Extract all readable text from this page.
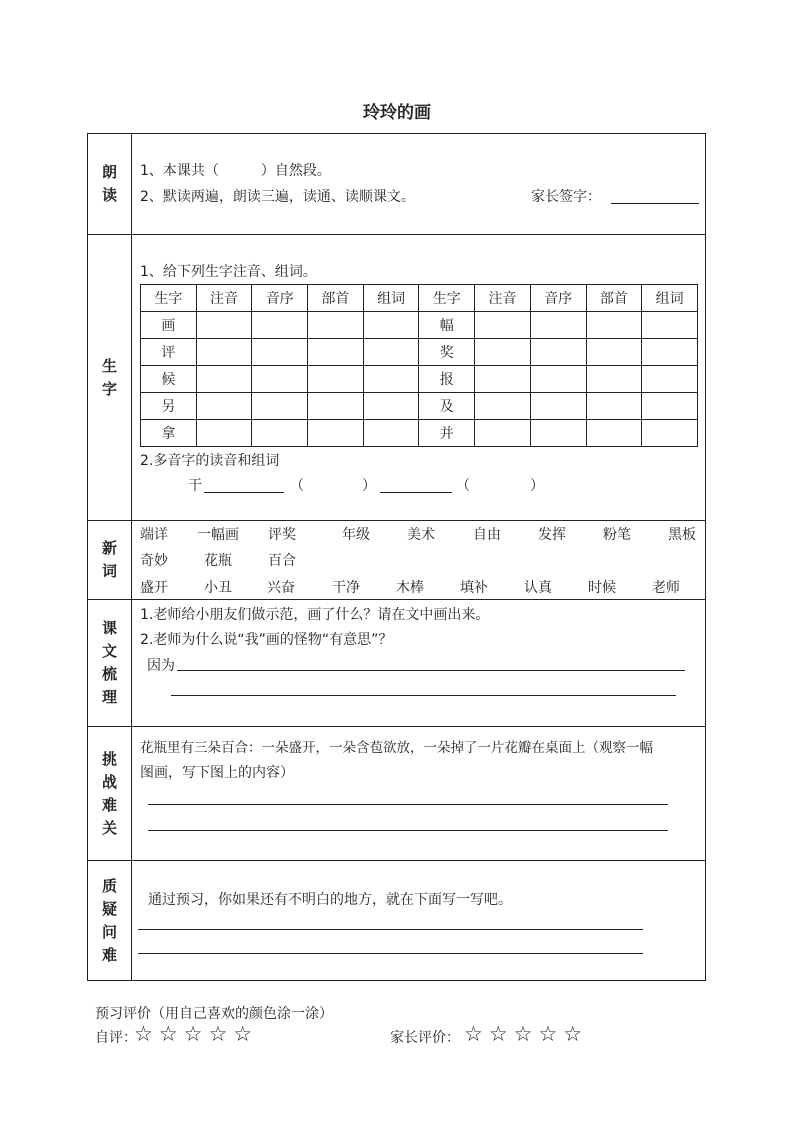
玲玲的画
朗
读
1、本课共（　　　）自然段。
2、默读两遍，朗读三遍，读通、读顺课文。	家长签字：
生
字
1、给下列生字注音、组词。
生字	注音	音序	部首	组词	生字	注音	音序	部首	组词
画					幅				
评					奖				
候					报				
另					及				
拿					并				
2.多音字的读音和组词
干	（	）	（	）
新
词
端详 一幅画 评奖	年级	美术	自由	发挥	粉笔	黑板
奇妙	花瓶	百合
盛开	小丑	兴奋	干净	木棒	填补	认真	时候	老师
课
文
梳
理
1.老师给小朋友们做示范，画了什么？请在文中画出来。
2.老师为什么说“我”画的怪物“有意思”？
因为
挑
战
难
关
花瓶里有三朵百合：一朵盛开，一朵含苞欲放，一朵掉了一片花瓣在桌面上（观察一幅
图画，写下图上的内容）
质
疑
问
难
通过预习，你如果还有不明白的地方，就在下面写一写吧。
预习评价（用自己喜欢的颜色涂一涂）
自评：
☆☆☆☆☆	家长评价： ☆☆☆☆☆
